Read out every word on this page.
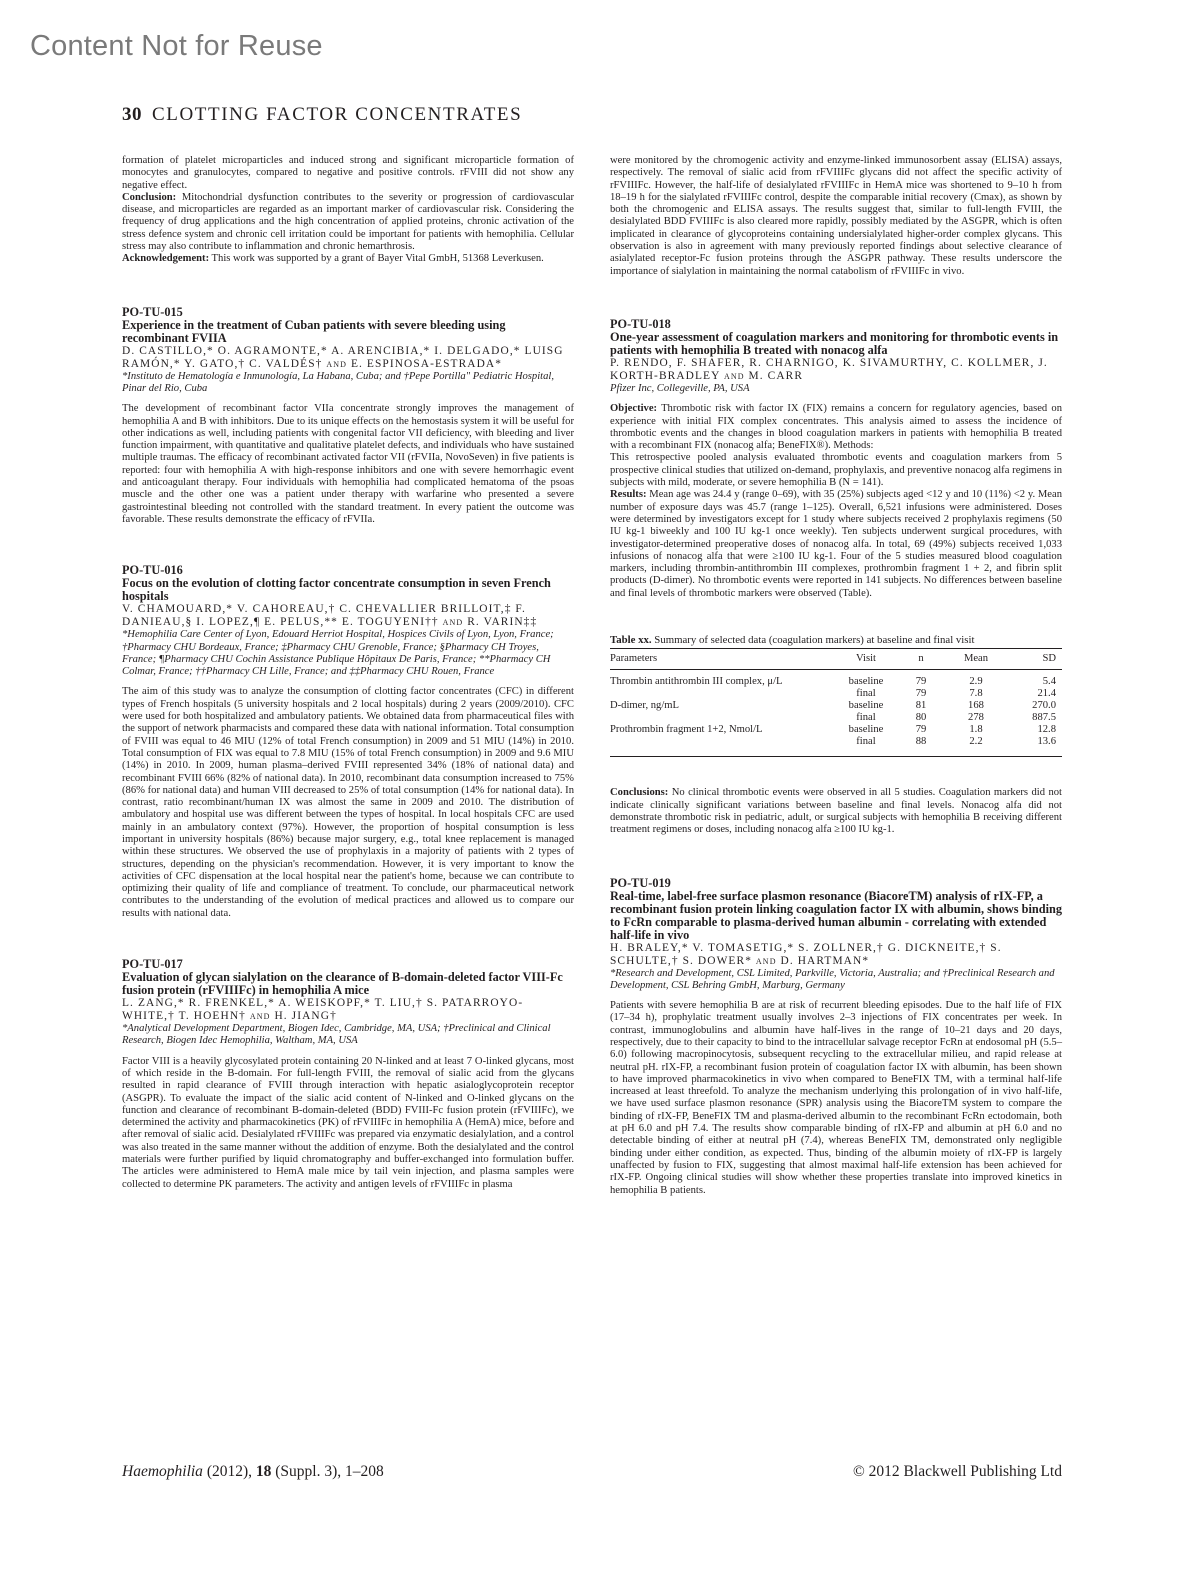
Content Not for Reuse
30 CLOTTING FACTOR CONCENTRATES

formation of platelet microparticles and induced strong and significant microparticle formation of monocytes and granulocytes, compared to negative and positive controls. rFVIII did not show any negative effect.

Conclusion: Mitochondrial dysfunction contributes to the severity or progression of cardiovascular disease, and microparticles are regarded as an important marker of cardiovascular risk. Considering the frequency of drug applications and the high concentration of applied proteins, chronic activation of the stress defence system and chronic cell irritation could be important for patients with hemophilia. Cellular stress may also contribute to inflammation and chronic hemarthrosis.

Acknowledgement: This work was supported by a grant of Bayer Vital GmbH, 51368 Leverkusen.

PO-TU-015
Experience in the treatment of Cuban patients with severe bleeding using recombinant FVIIA
D. CASTILLO,* O. AGRAMONTE,* A. ARENCIBIA,* I. DELGADO,* LUISG RAMÓN,* Y. GATO,† C. VALDÉS† and E. ESPINOSA-ESTRADA*
*Instituto de Hematología e Inmunología, La Habana, Cuba; and †Pepe Portilla" Pediatric Hospital, Pinar del Rio, Cuba

The development of recombinant factor VIIa concentrate strongly improves the management of hemophilia A and B with inhibitors. Due to its unique effects on the hemostasis system it will be useful for other indications as well, including patients with congenital factor VII deficiency, with bleeding and liver function impairment, with quantitative and qualitative platelet defects, and individuals who have sustained multiple traumas. The efficacy of recombinant activated factor VII (rFVIIa, NovoSeven) in five patients is reported: four with hemophilia A with high-response inhibitors and one with severe hemorrhagic event and anticoagulant therapy. Four individuals with hemophilia had complicated hematoma of the psoas muscle and the other one was a patient under therapy with warfarine who presented a severe gastrointestinal bleeding not controlled with the standard treatment. In every patient the outcome was favorable. These results demonstrate the efficacy of rFVIIa.

PO-TU-016
Focus on the evolution of clotting factor concentrate consumption in seven French hospitals
V. CHAMOUARD,* V. CAHOREAU,† C. CHEVALLIER BRILLOIT,‡ F. DANIEAU,§ I. LOPEZ,¶ E. PELUS,** E. TOGUYENI†† and R. VARIN‡‡
*Hemophilia Care Center of Lyon, Edouard Herriot Hospital, Hospices Civils of Lyon, Lyon, France; †Pharmacy CHU Bordeaux, France; ‡Pharmacy CHU Grenoble, France; §Pharmacy CH Troyes, France; ¶Pharmacy CHU Cochin Assistance Publique Hôpitaux De Paris, France; **Pharmacy CH Colmar, France; ††Pharmacy CH Lille, France; and ‡‡Pharmacy CHU Rouen, France

The aim of this study was to analyze the consumption of clotting factor concentrates (CFC) in different types of French hospitals (5 university hospitals and 2 local hospitals) during 2 years (2009/2010). CFC were used for both hospitalized and ambulatory patients. We obtained data from pharmaceutical files with the support of network pharmacists and compared these data with national information. Total consumption of FVIII was equal to 46 MIU (12% of total French consumption) in 2009 and 51 MIU (14%) in 2010. Total consumption of FIX was equal to 7.8 MIU (15% of total French consumption) in 2009 and 9.6 MIU (14%) in 2010. In 2009, human plasma–derived FVIII represented 34% (18% of national data) and recombinant FVIII 66% (82% of national data). In 2010, recombinant data consumption increased to 75% (86% for national data) and human VIII decreased to 25% of total consumption (14% for national data). In contrast, ratio recombinant/human IX was almost the same in 2009 and 2010. The distribution of ambulatory and hospital use was different between the types of hospital. In local hospitals CFC are used mainly in an ambulatory context (97%). However, the proportion of hospital consumption is less important in university hospitals (86%) because major surgery, e.g., total knee replacement is managed within these structures. We observed the use of prophylaxis in a majority of patients with 2 types of structures, depending on the physician's recommendation. However, it is very important to know the activities of CFC dispensation at the local hospital near the patient's home, because we can contribute to optimizing their quality of life and compliance of treatment. To conclude, our pharmaceutical network contributes to the understanding of the evolution of medical practices and allowed us to compare our results with national data.

PO-TU-017
Evaluation of glycan sialylation on the clearance of B-domain-deleted factor VIII-Fc fusion protein (rFVIIIFc) in hemophilia A mice
L. ZANG,* R. FRENKEL,* A. WEISKOPF,* T. LIU,† S. PATARROYO-WHITE,† T. HOEHN† and H. JIANG†
*Analytical Development Department, Biogen Idec, Cambridge, MA, USA; †Preclinical and Clinical Research, Biogen Idec Hemophilia, Waltham, MA, USA

Factor VIII is a heavily glycosylated protein containing 20 N-linked and at least 7 O-linked glycans, most of which reside in the B-domain. For full-length FVIII, the removal of sialic acid from the glycans resulted in rapid clearance of FVIII through interaction with hepatic asialoglycoprotein receptor (ASGPR). To evaluate the impact of the sialic acid content of N-linked and O-linked glycans on the function and clearance of recombinant B-domain-deleted (BDD) FVIII-Fc fusion protein (rFVIIIFc), we determined the activity and pharmacokinetics (PK) of rFVIIIFc in hemophilia A (HemA) mice, before and after removal of sialic acid. Desialylated rFVIIIFc was prepared via enzymatic desialylation, and a control was also treated in the same manner without the addition of enzyme. Both the desialylated and the control materials were further purified by liquid chromatography and buffer-exchanged into formulation buffer. The articles were administered to HemA male mice by tail vein injection, and plasma samples were collected to determine PK parameters. The activity and antigen levels of rFVIIIFc in plasma

were monitored by the chromogenic activity and enzyme-linked immunosorbent assay (ELISA) assays, respectively. The removal of sialic acid from rFVIIIFc glycans did not affect the specific activity of rFVIIIFc. However, the half-life of desialylated rFVIIIFc in HemA mice was shortened to 9–10 h from 18–19 h for the sialylated rFVIIIFc control, despite the comparable initial recovery (Cmax), as shown by both the chromogenic and ELISA assays. The results suggest that, similar to full-length FVIII, the desialylated BDD FVIIIFc is also cleared more rapidly, possibly mediated by the ASGPR, which is often implicated in clearance of glycoproteins containing undersialylated higher-order complex glycans. This observation is also in agreement with many previously reported findings about selective clearance of asialylated receptor-Fc fusion proteins through the ASGPR pathway. These results underscore the importance of sialylation in maintaining the normal catabolism of rFVIIIFc in vivo.

PO-TU-018
One-year assessment of coagulation markers and monitoring for thrombotic events in patients with hemophilia B treated with nonacog alfa
P. RENDO, F. SHAFER, R. CHARNIGO, K. SIVAMURTHY, C. KOLLMER, J. KORTH-BRADLEY and M. CARR
Pfizer Inc, Collegeville, PA, USA

Objective: Thrombotic risk with factor IX (FIX) remains a concern for regulatory agencies, based on experience with initial FIX complex concentrates. This analysis aimed to assess the incidence of thrombotic events and the changes in blood coagulation markers in patients with hemophilia B treated with a recombinant FIX (nonacog alfa; BeneFIX®). Methods:

This retrospective pooled analysis evaluated thrombotic events and coagulation markers from 5 prospective clinical studies that utilized on-demand, prophylaxis, and preventive nonacog alfa regimens in subjects with mild, moderate, or severe hemophilia B (N = 141).

Results: Mean age was 24.4 y (range 0–69), with 35 (25%) subjects aged <12 y and 10 (11%) <2 y. Mean number of exposure days was 45.7 (range 1–125). Overall, 6,521 infusions were administered. Doses were determined by investigators except for 1 study where subjects received 2 prophylaxis regimens (50 IU kg-1 biweekly and 100 IU kg-1 once weekly). Ten subjects underwent surgical procedures, with investigator-determined preoperative doses of nonacog alfa. In total, 69 (49%) subjects received 1,033 infusions of nonacog alfa that were ≥100 IU kg-1. Four of the 5 studies measured blood coagulation markers, including thrombin-antithrombin III complexes, prothrombin fragment 1 + 2, and fibrin split products (D-dimer). No thrombotic events were reported in 141 subjects. No differences between baseline and final levels of thrombotic markers were observed (Table).

Table xx. Summary of selected data (coagulation markers) at baseline and final visit
Parameters	Visit	n	Mean	SD
Thrombin antithrombin III complex, μ/L	baseline	79	2.9	5.4
	final	79	7.8	21.4
D-dimer, ng/mL	baseline	81	168	270.0
	final	80	278	887.5
Prothrombin fragment 1+2, Nmol/L	baseline	79	1.8	12.8
	final	88	2.2	13.6

Conclusions: No clinical thrombotic events were observed in all 5 studies. Coagulation markers did not indicate clinically significant variations between baseline and final levels. Nonacog alfa did not demonstrate thrombotic risk in pediatric, adult, or surgical subjects with hemophilia B receiving different treatment regimens or doses, including nonacog alfa ≥100 IU kg-1.

PO-TU-019
Real-time, label-free surface plasmon resonance (BiacoreTM) analysis of rIX-FP, a recombinant fusion protein linking coagulation factor IX with albumin, shows binding to FcRn comparable to plasma-derived human albumin - correlating with extended half-life in vivo
H. BRALEY,* V. TOMASETIG,* S. ZOLLNER,† G. DICKNEITE,† S. SCHULTE,† S. DOWER* and D. HARTMAN*
*Research and Development, CSL Limited, Parkville, Victoria, Australia; and †Preclinical Research and Development, CSL Behring GmbH, Marburg, Germany

Patients with severe hemophilia B are at risk of recurrent bleeding episodes. Due to the half life of FIX (17–34 h), prophylatic treatment usually involves 2–3 injections of FIX concentrates per week. In contrast, immunoglobulins and albumin have half-lives in the range of 10–21 days and 20 days, respectively, due to their capacity to bind to the intracellular salvage receptor FcRn at endosomal pH (5.5–6.0) following macropinocytosis, subsequent recycling to the extracellular milieu, and rapid release at neutral pH. rIX-FP, a recombinant fusion protein of coagulation factor IX with albumin, has been shown to have improved pharmacokinetics in vivo when compared to BeneFIX TM, with a terminal half-life increased at least threefold. To analyze the mechanism underlying this prolongation of in vivo half-life, we have used surface plasmon resonance (SPR) analysis using the BiacoreTM system to compare the binding of rIX-FP, BeneFIX TM and plasma-derived albumin to the recombinant FcRn ectodomain, both at pH 6.0 and pH 7.4. The results show comparable binding of rIX-FP and albumin at pH 6.0 and no detectable binding of either at neutral pH (7.4), whereas BeneFIX TM, demonstrated only negligible binding under either condition, as expected. Thus, binding of the albumin moiety of rIX-FP is largely unaffected by fusion to FIX, suggesting that almost maximal half-life extension has been achieved for rIX-FP. Ongoing clinical studies will show whether these properties translate into improved kinetics in hemophilia B patients.

Haemophilia (2012), 18 (Suppl. 3), 1–208	© 2012 Blackwell Publishing Ltd
